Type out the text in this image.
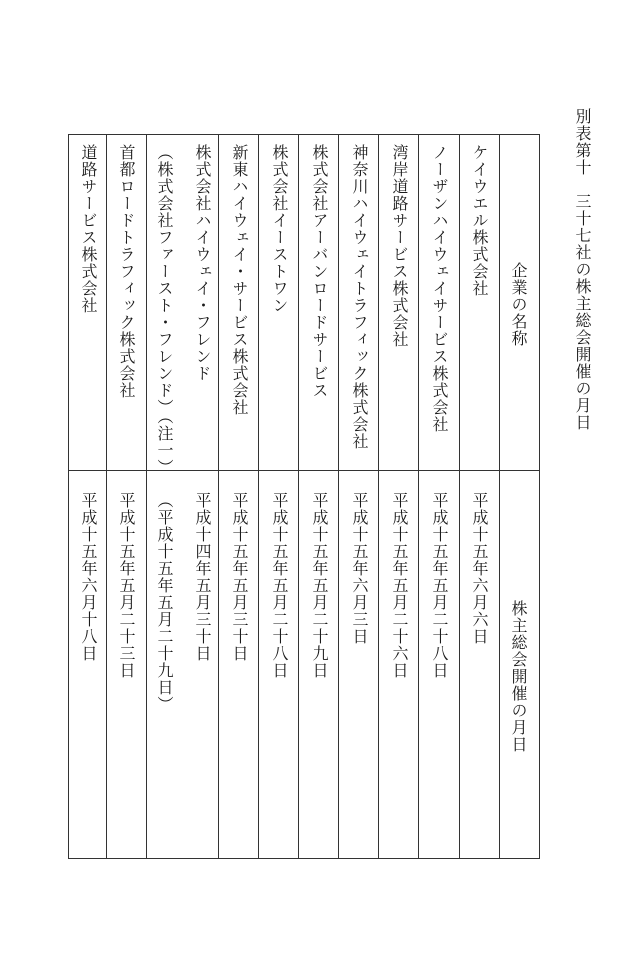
別表第十　三十七社の株主総会開催の月日
企業の名称
株主総会開催の月日
ケイウエル株式会社
平成十五年六月六日
ノーザンハイウェイサービス株式会社
平成十五年五月二十八日
湾岸道路サービス株式会社
平成十五年五月二十六日
神奈川ハイウェイトラフィック株式会社
平成十五年六月三日
株式会社アーバンロードサービス
平成十五年五月二十九日
株式会社イーストワン
平成十五年五月二十八日
新東ハイウェイ・サービス株式会社
平成十五年五月三十日
株式会社ハイウェイ・フレンド
平成十四年五月三十日
（株式会社ファースト・フレンド）（注一）
（平成十五年五月二十九日）
首都ロードトラフィック株式会社
平成十五年五月二十三日
道路サービス株式会社
平成十五年六月十八日
